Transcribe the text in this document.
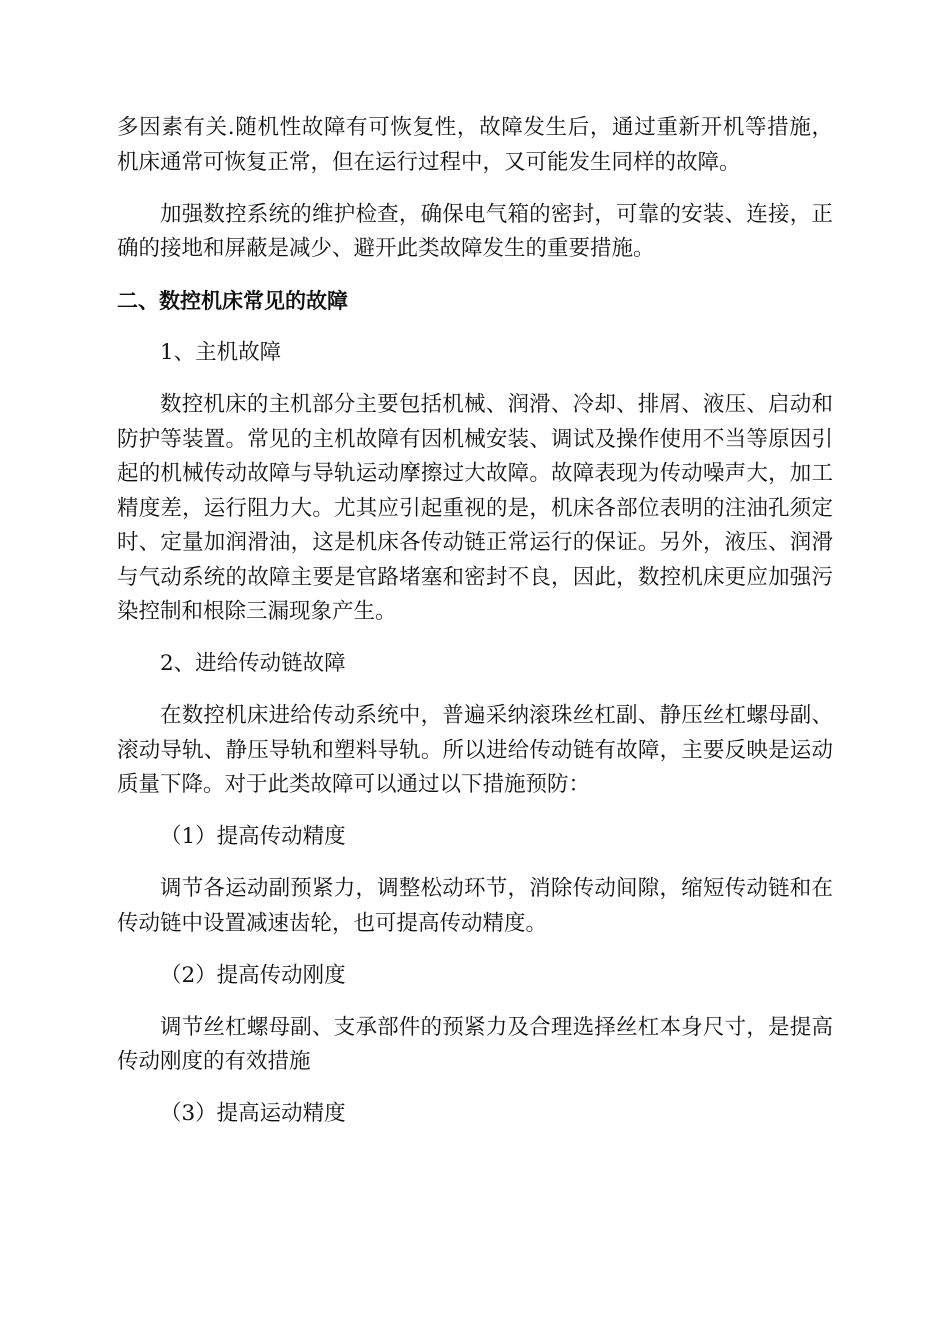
多因素有关.随机性故障有可恢复性，故障发生后，通过重新开机等措施，机床通常可恢复正常，但在运行过程中，又可能发生同样的故障。

加强数控系统的维护检查，确保电气箱的密封，可靠的安装、连接，正确的接地和屏蔽是减少、避开此类故障发生的重要措施。

二、数控机床常见的故障

1、主机故障

数控机床的主机部分主要包括机械、润滑、冷却、排屑、液压、启动和防护等装置。常见的主机故障有因机械安装、调试及操作使用不当等原因引起的机械传动故障与导轨运动摩擦过大故障。故障表现为传动噪声大，加工精度差，运行阻力大。尤其应引起重视的是，机床各部位表明的注油孔须定时、定量加润滑油，这是机床各传动链正常运行的保证。另外，液压、润滑与气动系统的故障主要是官路堵塞和密封不良，因此，数控机床更应加强污染控制和根除三漏现象产生。

2、进给传动链故障

在数控机床进给传动系统中，普遍采纳滚珠丝杠副、静压丝杠螺母副、滚动导轨、静压导轨和塑料导轨。所以进给传动链有故障，主要反映是运动质量下降。对于此类故障可以通过以下措施预防：

（1）提高传动精度

调节各运动副预紧力，调整松动环节，消除传动间隙，缩短传动链和在传动链中设置减速齿轮，也可提高传动精度。

（2）提高传动刚度

调节丝杠螺母副、支承部件的预紧力及合理选择丝杠本身尺寸，是提高传动刚度的有效措施

（3）提高运动精度
